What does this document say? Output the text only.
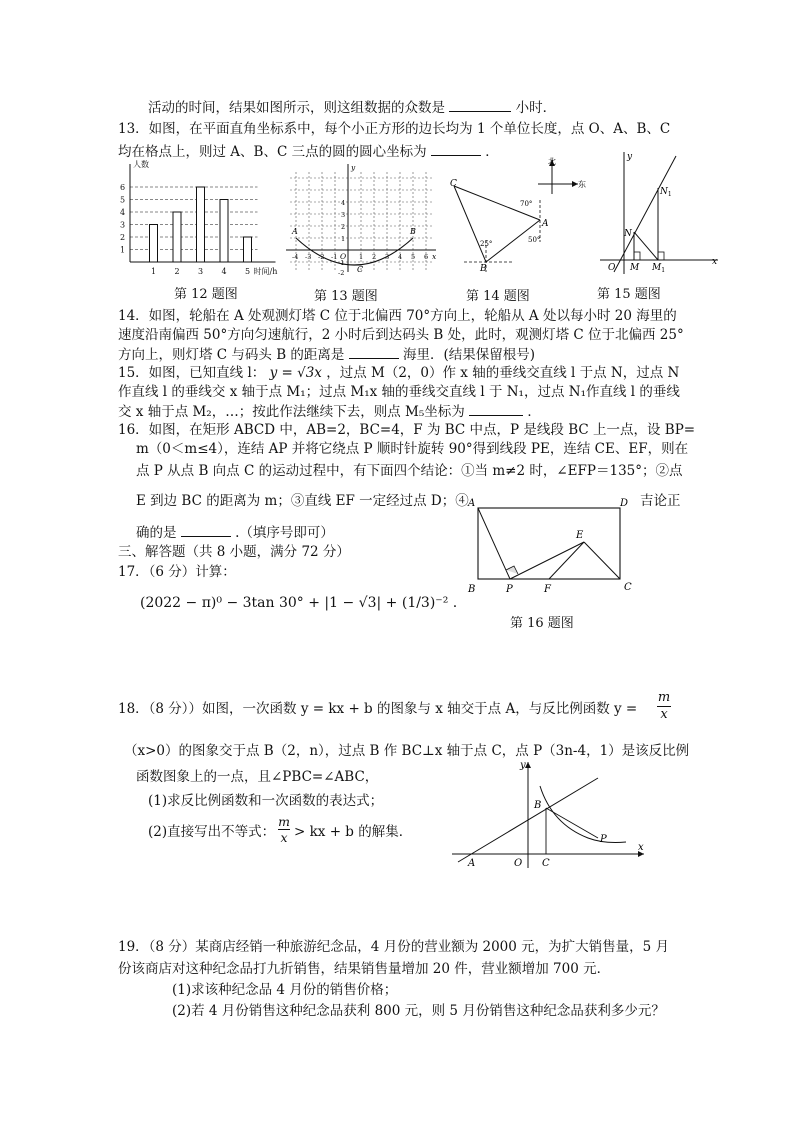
活动的时间，结果如图所示，则这组数据的众数是	小时．
13．如图，在平面直角坐标系中，每个小正方形的边长均为 1 个单位长度，点 O、A、B、C
均在格点上，则过 A、B、C 三点的圆的圆心坐标为	．
1
2
3
4
5
6
1 2 3 4 5
人数
时间/h
A	B
C
O	x
y
-4 -3 -2 -1	1 2 3 4 5 6
4
3
2
1
-1
-2
北
东
C
A
B
70°
50°
25°
O M $M_1$
N
$N_1$
x
y
第 12 题图	第 13 题图	第 14 题图	第 15 题图
14．如图，轮船在 A 处观测灯塔 C 位于北偏西 70°方向上，轮船从 A 处以每小时 20 海里的
速度沿南偏西 50°方向匀速航行，2 小时后到达码头 B 处，此时，观测灯塔 C 位于北偏西 25°
方向上，则灯塔 C 与码头 B 的距离是	海里．(结果保留根号)
15．如图，已知直线 l： y = √3x ，过点 M（2，0）作 x 轴的垂线交直线 l 于点 N，过点 N
作直线 l 的垂线交 x 轴于点 M₁；过点 M₁x 轴的垂线交直线 l 于 N₁，过点 N₁作直线 l 的垂线
交 x 轴于点 M₂，…；按此作法继续下去，则点 M₅坐标为	．
16．如图，在矩形 ABCD 中，AB=2，BC=4，F 为 BC 中点，P 是线段 BC 上一点，设 BP=
m（0＜m≤4），连结 AP 并将它绕点 P 顺时针旋转 90°得到线段 PE，连结 CE、EF，则在
点 P 从点 B 向点 C 的运动过程中，有下面四个结论：①当 m≠2 时，∠EFP＝135°；②点
E 到边 BC 的距离为 m；③直线 EF 一定经过点 D；④	吉论正
确的是	.（填序号即可）
A	D
B	C
P	F
E
第 16 题图
三、解答题（共 8 小题，满分 72 分）
17．（6 分）计算：
(2022 − π)⁰ − 3tan 30° + |1 − √3| + (1/3)⁻² .
18．（8 分））如图，一次函数 y = kx + b 的图象与 x 轴交于点 A，与反比例函数 y =
m
x
（x>0）的图象交于点 B（2，n），过点 B 作 BC⊥x 轴于点 C，点 P（3n-4，1）是该反比例
函数图象上的一点，且∠PBC=∠ABC，
(1)求反比例函数和一次函数的表达式；
(2)直接写出不等式：
m
x > kx + b 的解集．
A
B
C
O
P
x
y
19．（8 分）某商店经销一种旅游纪念品，4 月份的营业额为 2000 元，为扩大销售量，5 月
份该商店对这种纪念品打九折销售，结果销售量增加 20 件，营业额增加 700 元．
(1)求该种纪念品 4 月份的销售价格；
(2)若 4 月份销售这种纪念品获利 800 元，则 5 月份销售这种纪念品获利多少元？
